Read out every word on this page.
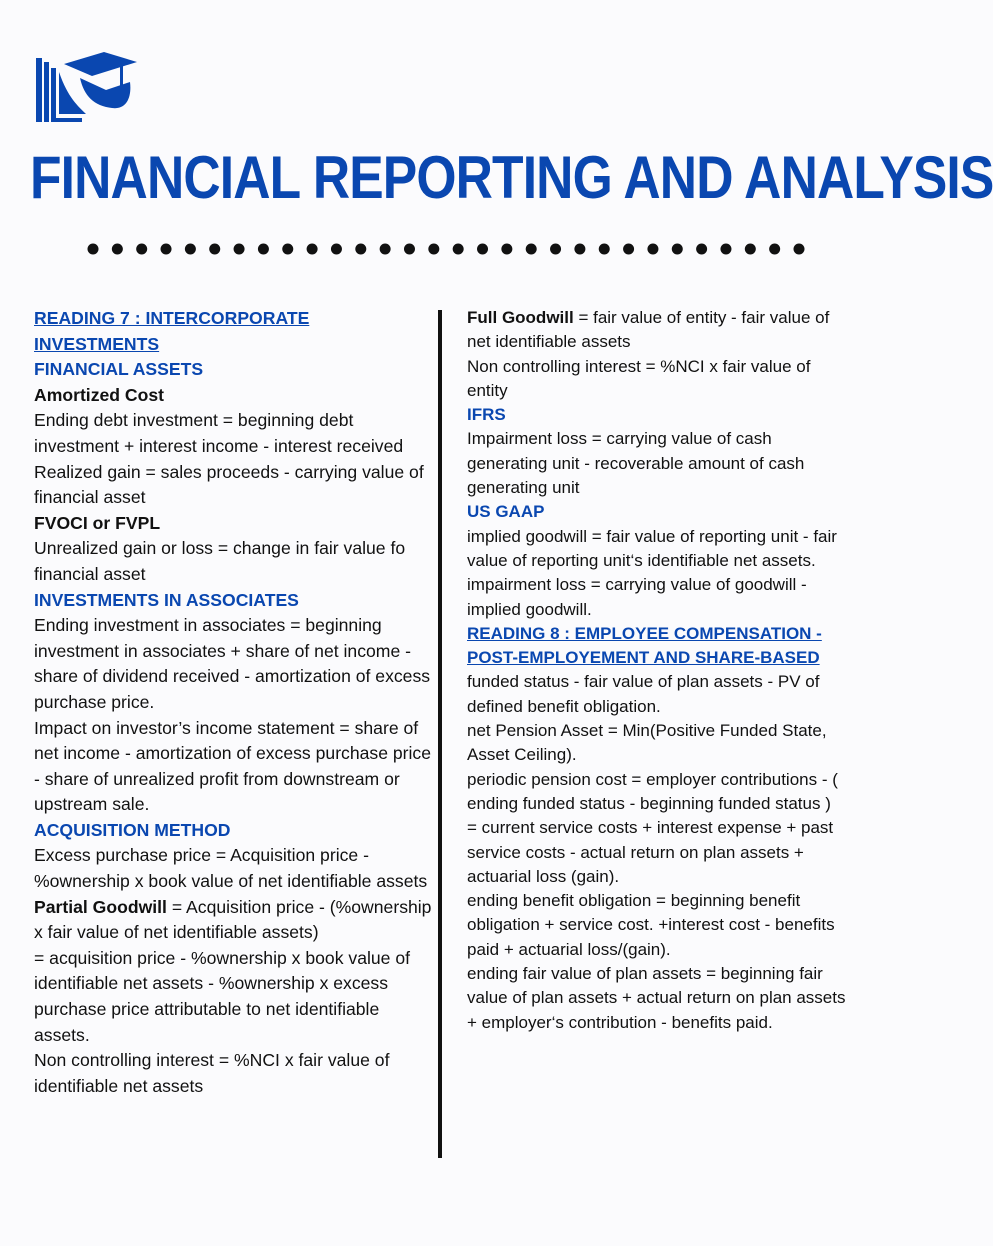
FINANCIAL REPORTING AND ANALYSIS

READING 7 : INTERCORPORATE INVESTMENTS

FINANCIAL ASSETS

Amortized Cost

Ending debt investment = beginning debt investment + interest income - interest received

Realized gain = sales proceeds - carrying value of financial asset

FVOCI or FVPL

Unrealized gain or loss = change in fair value fo financial asset

INVESTMENTS IN ASSOCIATES

Ending investment in associates = beginning investment in associates + share of net income - share of dividend received - amortization of excess purchase price.

Impact on investor’s income statement = share of net income - amortization of excess purchase price - share of unrealized profit from downstream or upstream sale.

ACQUISITION METHOD

Excess purchase price = Acquisition price - %ownership x book value of net identifiable assets

Partial Goodwill = Acquisition price - (%ownership x fair value of net identifiable assets)

= acquisition price - %ownership x book value of identifiable net assets - %ownership x excess purchase price attributable to net identifiable assets.

Non controlling interest = %NCI x fair value of identifiable net assets

Full Goodwill = fair value of entity - fair value of net identifiable assets

Non controlling interest = %NCI x fair value of entity

IFRS

Impairment loss = carrying value of cash generating unit - recoverable amount of cash generating unit

US GAAP

implied goodwill = fair value of reporting unit - fair value of reporting unit‘s identifiable net assets.

impairment loss = carrying value of goodwill - implied goodwill.

READING 8 : EMPLOYEE COMPENSATION - POST-EMPLOYEMENT AND SHARE-BASED

funded status - fair value of plan assets - PV of defined benefit obligation.

net Pension Asset = Min(Positive Funded State, Asset Ceiling).

periodic pension cost = employer contributions - ( ending funded status - beginning funded status )

= current service costs + interest expense + past service costs - actual return on plan assets + actuarial loss (gain).

ending benefit obligation = beginning benefit obligation + service cost. +interest cost - benefits paid + actuarial loss/(gain).

ending fair value of plan assets = beginning fair value of plan assets + actual return on plan assets + employer‘s contribution - benefits paid.
